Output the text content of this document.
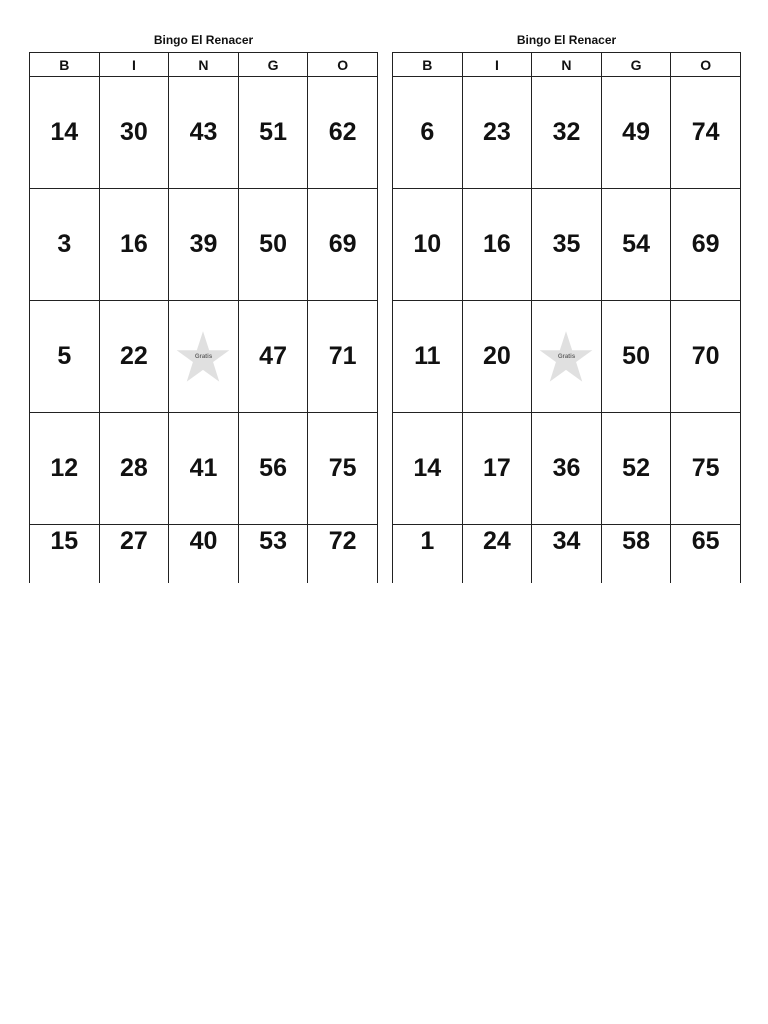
Bingo El Renacer
B	I	N	G	O
14	30	43	51	62
3	16	39	50	69
5	22	Gratis	47	71
12	28	41	56	75
15	27	40	53	72
Bingo El Renacer
B	I	N	G	O
6	23	32	49	74
10	16	35	54	69
11	20	Gratis	50	70
14	17	36	52	75
1	24	34	58	65
